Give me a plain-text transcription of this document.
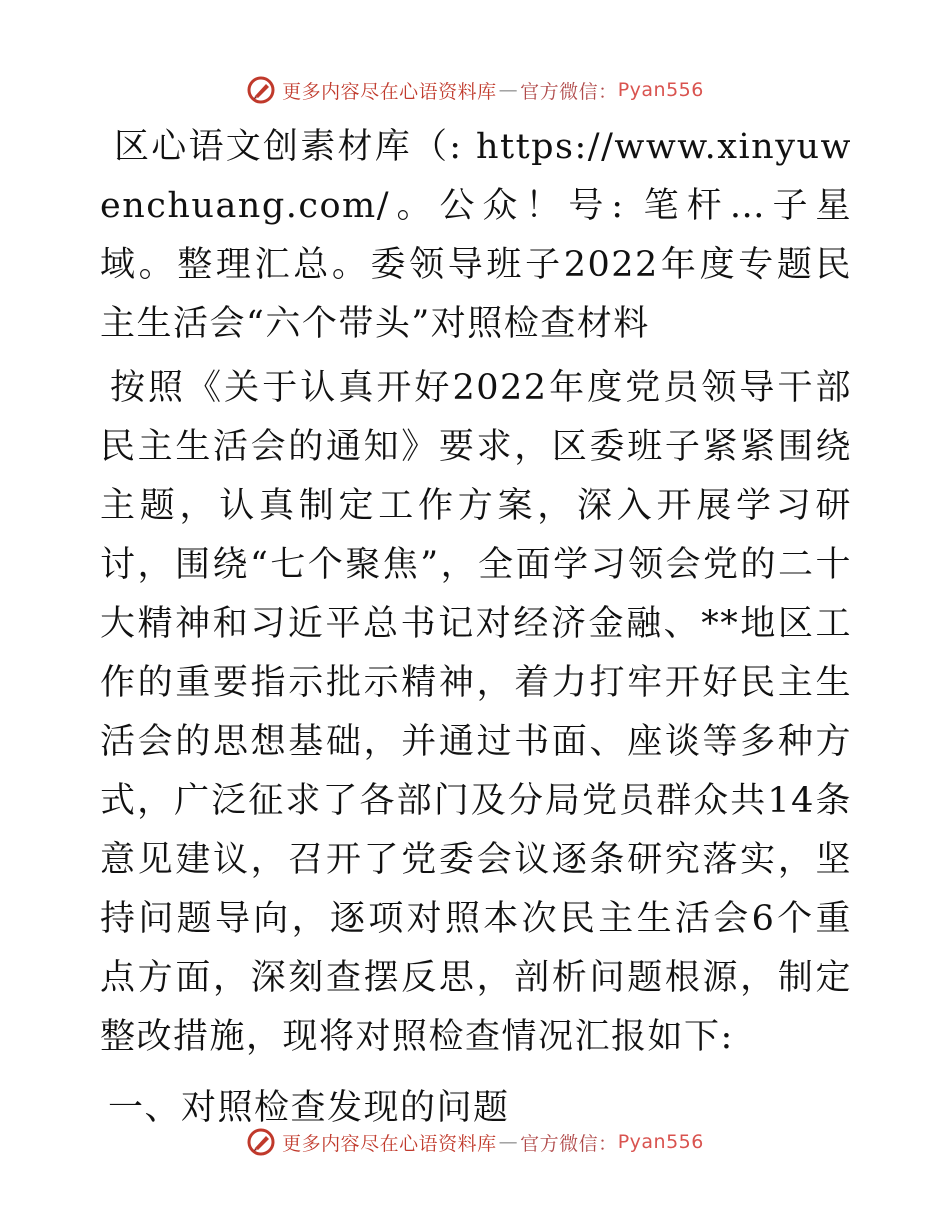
更多内容尽在心语资料库 — 官方微信： Pyan556

区心语文创素材库（: https://www.xinyuwenchuang.com/。公众！号: 笔杆…子星域。整理汇总。委领导班子2022年度专题民主生活会“六个带头”对照检查材料

按照《关于认真开好2022年度党员领导干部民主生活会的通知》要求，区委班子紧紧围绕主题，认真制定工作方案，深入开展学习研讨，围绕“七个聚焦”，全面学习领会党的二十大精神和习近平总书记对经济金融、**地区工作的重要指示批示精神，着力打牢开好民主生活会的思想基础，并通过书面、座谈等多种方式，广泛征求了各部门及分局党员群众共14条意见建议，召开了党委会议逐条研究落实，坚持问题导向，逐项对照本次民主生活会6个重点方面，深刻查摆反思，剖析问题根源，制定整改措施，现将对照检查情况汇报如下:

一、对照检查发现的问题

更多内容尽在心语资料库 — 官方微信： Pyan556
